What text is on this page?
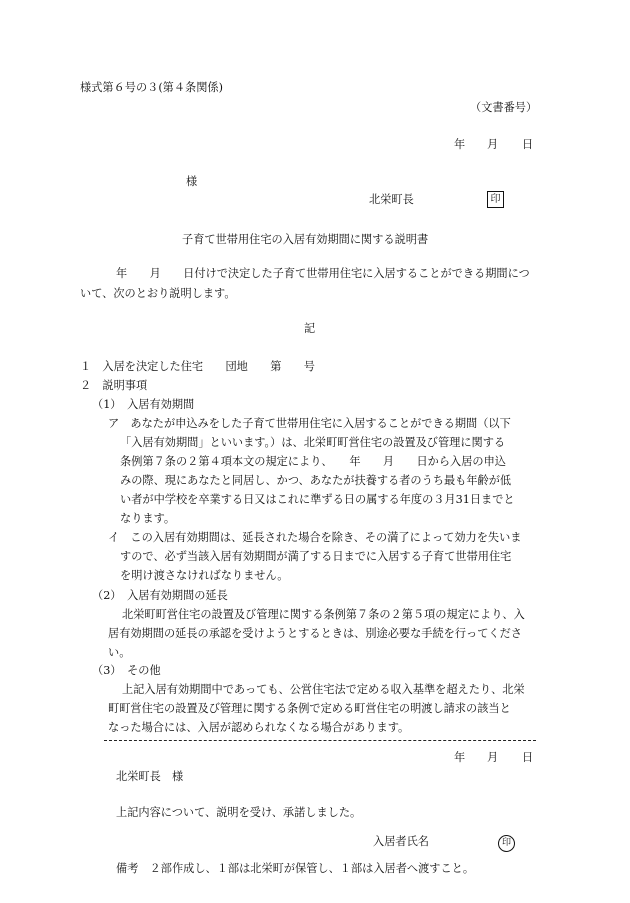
様式第６号の３(第４条関係)
（文書番号）
年 月 日
様
北栄町長	印
子育て世帯用住宅の入居有効期間に関する説明書
年　　月　　日付けで決定した子育て世帯用住宅に入居することができる期間につ
いて、次のとおり説明します。
記
１　入居を決定した住宅　　団地　　第　　号
２　説明事項
（1）　入居有効期間
ア　あなたが申込みをした子育て世帯用住宅に入居することができる期間（以下
「入居有効期間」といいます。）は、北栄町町営住宅の設置及び管理に関する
条例第７条の２第４項本文の規定により、　　年　　月　　日から入居の申込
みの際、現にあなたと同居し、かつ、あなたが扶養する者のうち最も年齢が低
い者が中学校を卒業する日又はこれに準ずる日の属する年度の３月31日までと
なります。
イ　この入居有効期間は、延長された場合を除き、その満了によって効力を失いま
すので、必ず当該入居有効期間が満了する日までに入居する子育て世帯用住宅
を明け渡さなければなりません。
（2）　入居有効期間の延長
北栄町町営住宅の設置及び管理に関する条例第７条の２第５項の規定により、入
居有効期間の延長の承認を受けようとするときは、別途必要な手続を行ってくださ
い。
（3）　その他
上記入居有効期間中であっても、公営住宅法で定める収入基準を超えたり、北栄
町町営住宅の設置及び管理に関する条例で定める町営住宅の明渡し請求の該当と
なった場合には、入居が認められなくなる場合があります。
年 月 日
北栄町長　様
上記内容について、説明を受け、承諾しました。
入居者氏名	印
備考　２部作成し、１部は北栄町が保管し、１部は入居者へ渡すこと。
